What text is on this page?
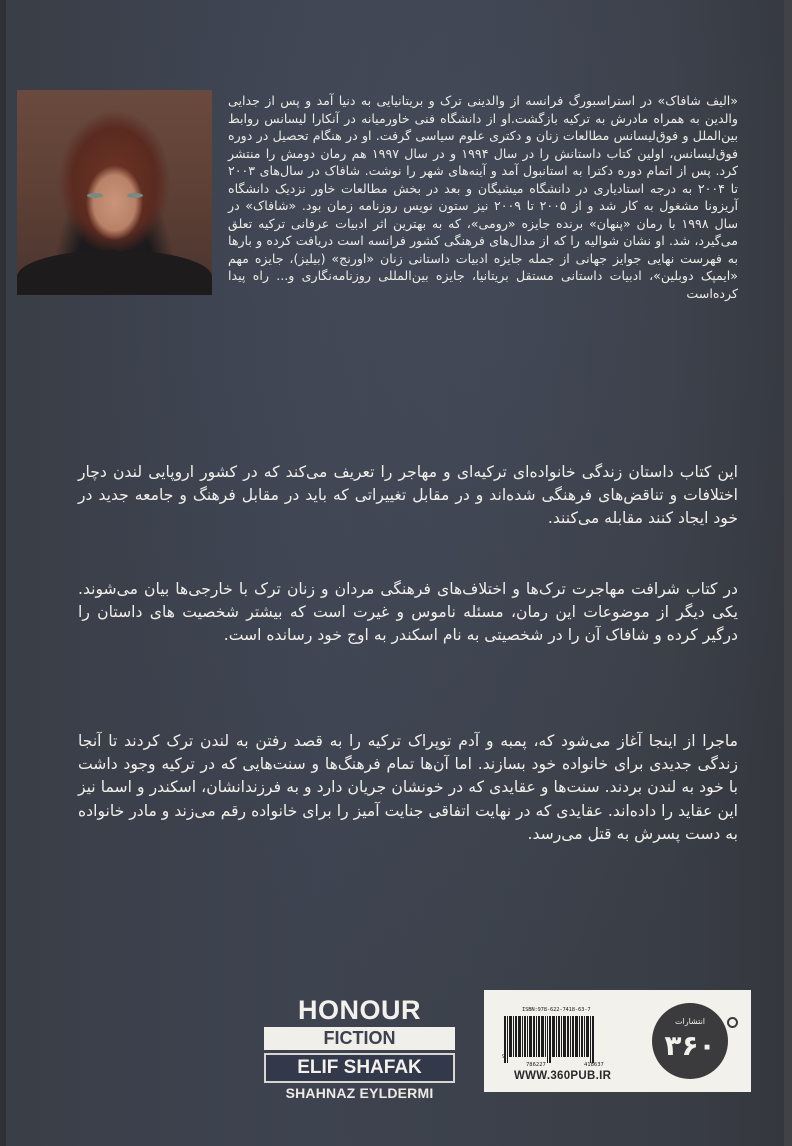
«الیف شافاک» در استراسبورگ فرانسه از والدینی ترک و بریتانیایی به دنیا آمد و پس از جدایی والدین به همراه مادرش به ترکیه بازگشت.او از دانشگاه فنی خاورمیانه در آنکارا لیسانس روابط بین‌الملل و فوق‌لیسانس مطالعات زنان و دکتری علوم سیاسی گرفت. او در هنگام تحصیل در دوره فوق‌لیسانس، اولین کتاب داستانش را در سال ۱۹۹۴ و در سال ۱۹۹۷ هم رمان دومش را منتشر کرد. پس از اتمام دوره دکترا به استانبول آمد و آینه‌های شهر را نوشت. شافاک در سال‌های ۲۰۰۳ تا ۲۰۰۴ به درجه استادیاری در دانشگاه میشیگان و بعد در بخش مطالعات خاور نزدیک دانشگاه آریزونا مشغول به کار شد و از ۲۰۰۵ تا ۲۰۰۹ نیز ستون نویس روزنامه زمان بود. «شافاک» در سال ۱۹۹۸ با رمان «پنهان» برنده جایزه «رومی»، که به بهترین اثر ادبیات عرفانی ترکیه تعلق می‌گیرد، شد. او نشان شوالیه را که از مدال‌های فرهنگی کشور فرانسه است دریافت کرده و بارها به فهرست نهایی جوایز جهانی از جمله جایزه ادبیات داستانی زنان «اورنج» (بیلیز)، جایزه مهم «ایمپک دوبلین»، ادبیات داستانی مستقل بریتانیا، جایزه بین‌المللی روزنامه‌نگاری و... راه پیدا کرده‌است
این کتاب داستان زندگی خانواده‌ای ترکیه‌ای و مهاجر را تعریف می‌کند که در کشور اروپایی لندن دچار اختلافات و تناقض‌های فرهنگی شده‌اند و در مقابل تغییراتی که باید در مقابل فرهنگ و جامعه جدید در خود ایجاد کنند مقابله می‌کنند.
در کتاب شرافت مهاجرت ترک‌ها و اختلاف‌های فرهنگی مردان و زنان ترک با خارجی‌ها بیان می‌شوند. یکی دیگر از موضوعات این رمان، مسئله ناموس و غیرت است که بیشتر شخصیت های داستان را درگیر کرده و شافاک آن را در شخصیتی به نام اسکندر به اوج خود رسانده است.
ماجرا از اینجا آغاز می‌شود که، پمبه و آدم توپراک ترکیه را به قصد رفتن به لندن ترک کردند تا آنجا زندگی جدیدی برای خانواده خود بسازند. اما آن‌ها تمام فرهنگ‌ها و سنت‌هایی که در ترکیه وجود داشت با خود به لندن بردند. سنت‌ها و عقایدی که در خونشان جریان دارد و به فرزندانشان، اسکندر و اسما نیز این عقاید را داده‌اند. عقایدی که در نهایت اتفاقی جنایت آمیز را برای خانواده رقم می‌زند و مادر خانواده به دست پسرش به قتل می‌رسد.
HONOUR
FICTION
ELIF SHAFAK
SHAHNAZ EYLDERMI
ISBN:978-622-7418-63-7
9
786227	418637
WWW.360PUB.IR
انتشارات
۳۶۰
